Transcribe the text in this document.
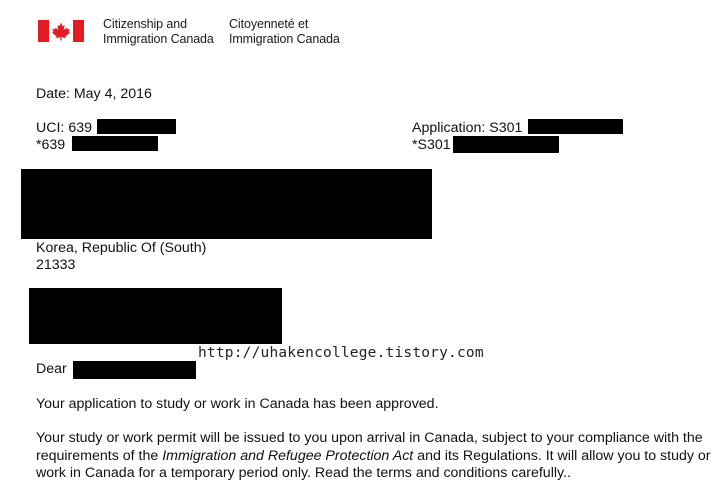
Citizenship and
Immigration Canada
Citoyenneté et
Immigration Canada
Date: May 4, 2016
UCI: 639
*639
Application: S301
*S301
Korea, Republic Of (South)
21333
http://uhakencollege.tistory.com
Dear
Your application to study or work in Canada has been approved.
Your study or work permit will be issued to you upon arrival in Canada, subject to your compliance with the requirements of the Immigration and Refugee Protection Act and its Regulations. It will allow you to study or work in Canada for a temporary period only. Read the terms and conditions carefully..
